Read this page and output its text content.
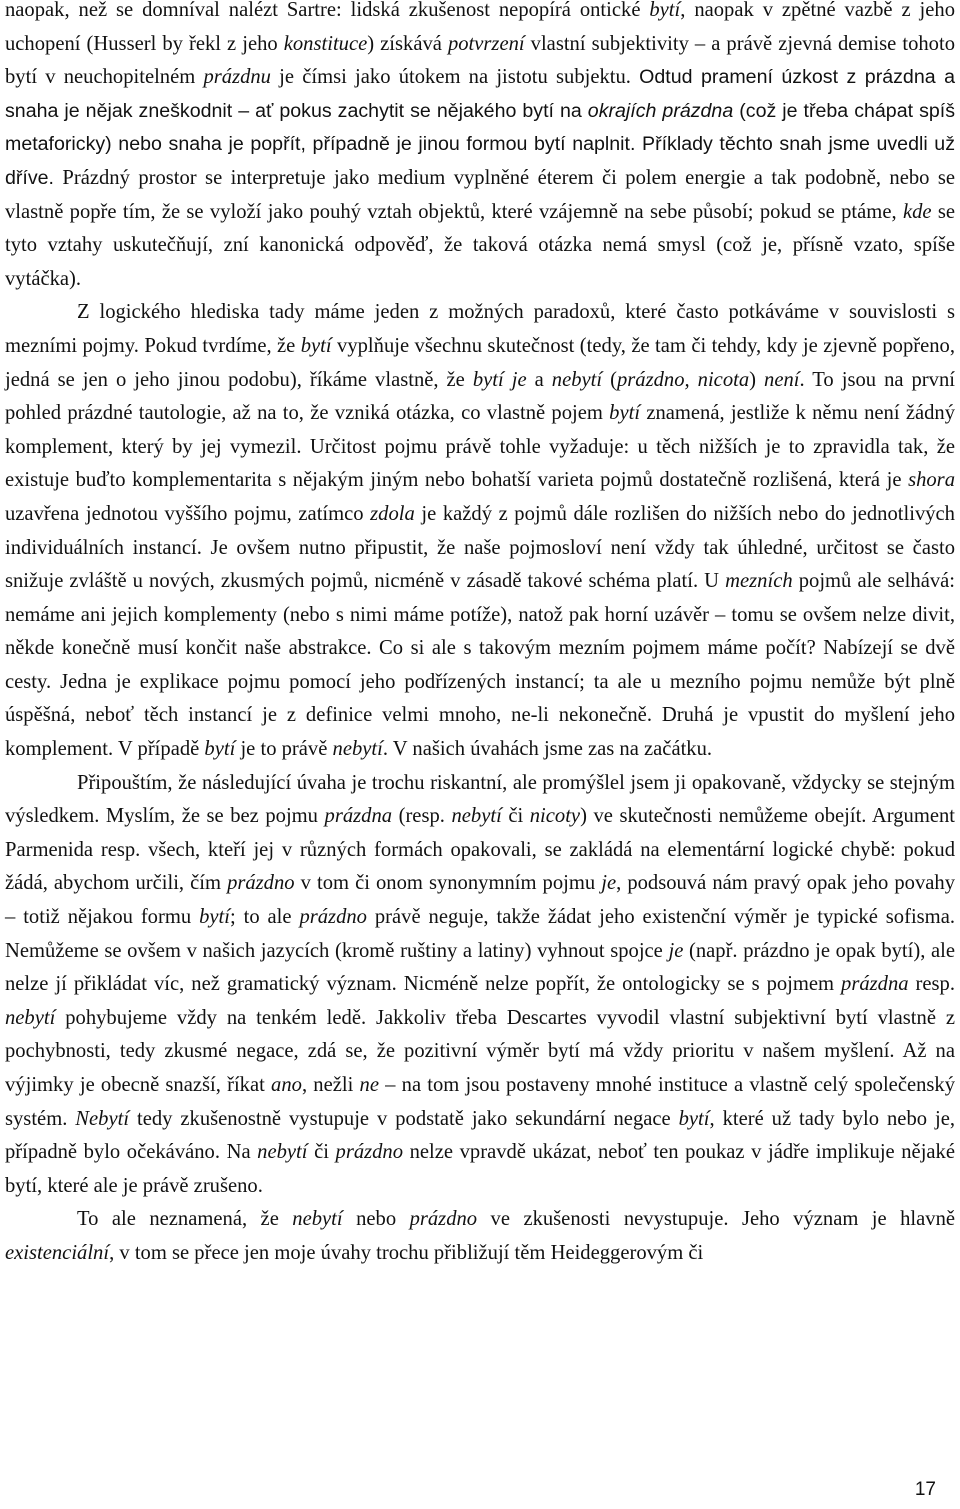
naopak, než se domníval nalézt Sartre: lidská zkušenost nepopírá ontické bytí, naopak v zpětné vazbě z jeho uchopení (Husserl by řekl z jeho konstituce) získává potvrzení vlastní subjektivity – a právě zjevná demise tohoto bytí v neuchopitelném prázdnu je čímsi jako útokem na jistotu subjektu. Odtud pramení úzkost z prázdna a snaha je nějak zneškodnit – ať pokus zachytit se nějakého bytí na okrajích prázdna (což je třeba chápat spíš metaforicky) nebo snaha je popřít, případně je jinou formou bytí naplnit. Příklady těchto snah jsme uvedli už dříve. Prázdný prostor se interpretuje jako medium vyplněné éterem či polem energie a tak podobně, nebo se vlastně popře tím, že se vyloží jako pouhý vztah objektů, které vzájemně na sebe působí; pokud se ptáme, kde se tyto vztahy uskutečňují, zní kanonická odpověď, že taková otázka nemá smysl (což je, přísně vzato, spíše vytáčka).

Z logického hlediska tady máme jeden z možných paradoxů, které často potkáváme v souvislosti s mezními pojmy. Pokud tvrdíme, že bytí vyplňuje všechnu skutečnost (tedy, že tam či tehdy, kdy je zjevně popřeno, jedná se jen o jeho jinou podobu), říkáme vlastně, že bytí je a nebytí (prázdno, nicota) není. To jsou na první pohled prázdné tautologie, až na to, že vzniká otázka, co vlastně pojem bytí znamená, jestliže k němu není žádný komplement, který by jej vymezil. Určitost pojmu právě tohle vyžaduje: u těch nižších je to zpravidla tak, že existuje buďto komplementarita s nějakým jiným nebo bohatší varieta pojmů dostatečně rozlišená, která je shora uzavřena jednotou vyššího pojmu, zatímco zdola je každý z pojmů dále rozlišen do nižších nebo do jednotlivých individuálních instancí. Je ovšem nutno připustit, že naše pojmosloví není vždy tak úhledné, určitost se často snižuje zvláště u nových, zkusmých pojmů, nicméně v zásadě takové schéma platí. U mezních pojmů ale selhává: nemáme ani jejich komplementy (nebo s nimi máme potíže), natož pak horní uzávěr – tomu se ovšem nelze divit, někde konečně musí končit naše abstrakce. Co si ale s takovým mezním pojmem máme počít? Nabízejí se dvě cesty. Jedna je explikace pojmu pomocí jeho podřízených instancí; ta ale u mezního pojmu nemůže být plně úspěšná, neboť těch instancí je z definice velmi mnoho, ne-li nekonečně. Druhá je vpustit do myšlení jeho komplement. V případě bytí je to právě nebytí. V našich úvahách jsme zas na začátku.

Připouštím, že následující úvaha je trochu riskantní, ale promýšlel jsem ji opakovaně, vždycky se stejným výsledkem. Myslím, že se bez pojmu prázdna (resp. nebytí či nicoty) ve skutečnosti nemůžeme obejít. Argument Parmenida resp. všech, kteří jej v různých formách opakovali, se zakládá na elementární logické chybě: pokud žádá, abychom určili, čím prázdno v tom či onom synonymním pojmu je, podsouvá nám pravý opak jeho povahy – totiž nějakou formu bytí; to ale prázdno právě neguje, takže žádat jeho existenční výměr je typické sofisma. Nemůžeme se ovšem v našich jazycích (kromě ruštiny a latiny) vyhnout spojce je (např. prázdno je opak bytí), ale nelze jí přikládat víc, než gramatický význam. Nicméně nelze popřít, že ontologicky se s pojmem prázdna resp. nebytí pohybujeme vždy na tenkém ledě. Jakkoliv třeba Descartes vyvodil vlastní subjektivní bytí vlastně z pochybnosti, tedy zkusmé negace, zdá se, že pozitivní výměr bytí má vždy prioritu v našem myšlení. Až na výjimky je obecně snazší, říkat ano, nežli ne – na tom jsou postaveny mnohé instituce a vlastně celý společenský systém. Nebytí tedy zkušenostně vystupuje v podstatě jako sekundární negace bytí, které už tady bylo nebo je, případně bylo očekáváno. Na nebytí či prázdno nelze vpravdě ukázat, neboť ten poukaz v jádře implikuje nějaké bytí, které ale je právě zrušeno.

To ale neznamená, že nebytí nebo prázdno ve zkušenosti nevystupuje. Jeho význam je hlavně existenciální, v tom se přece jen moje úvahy trochu přibližují těm Heideggerovým či

17
